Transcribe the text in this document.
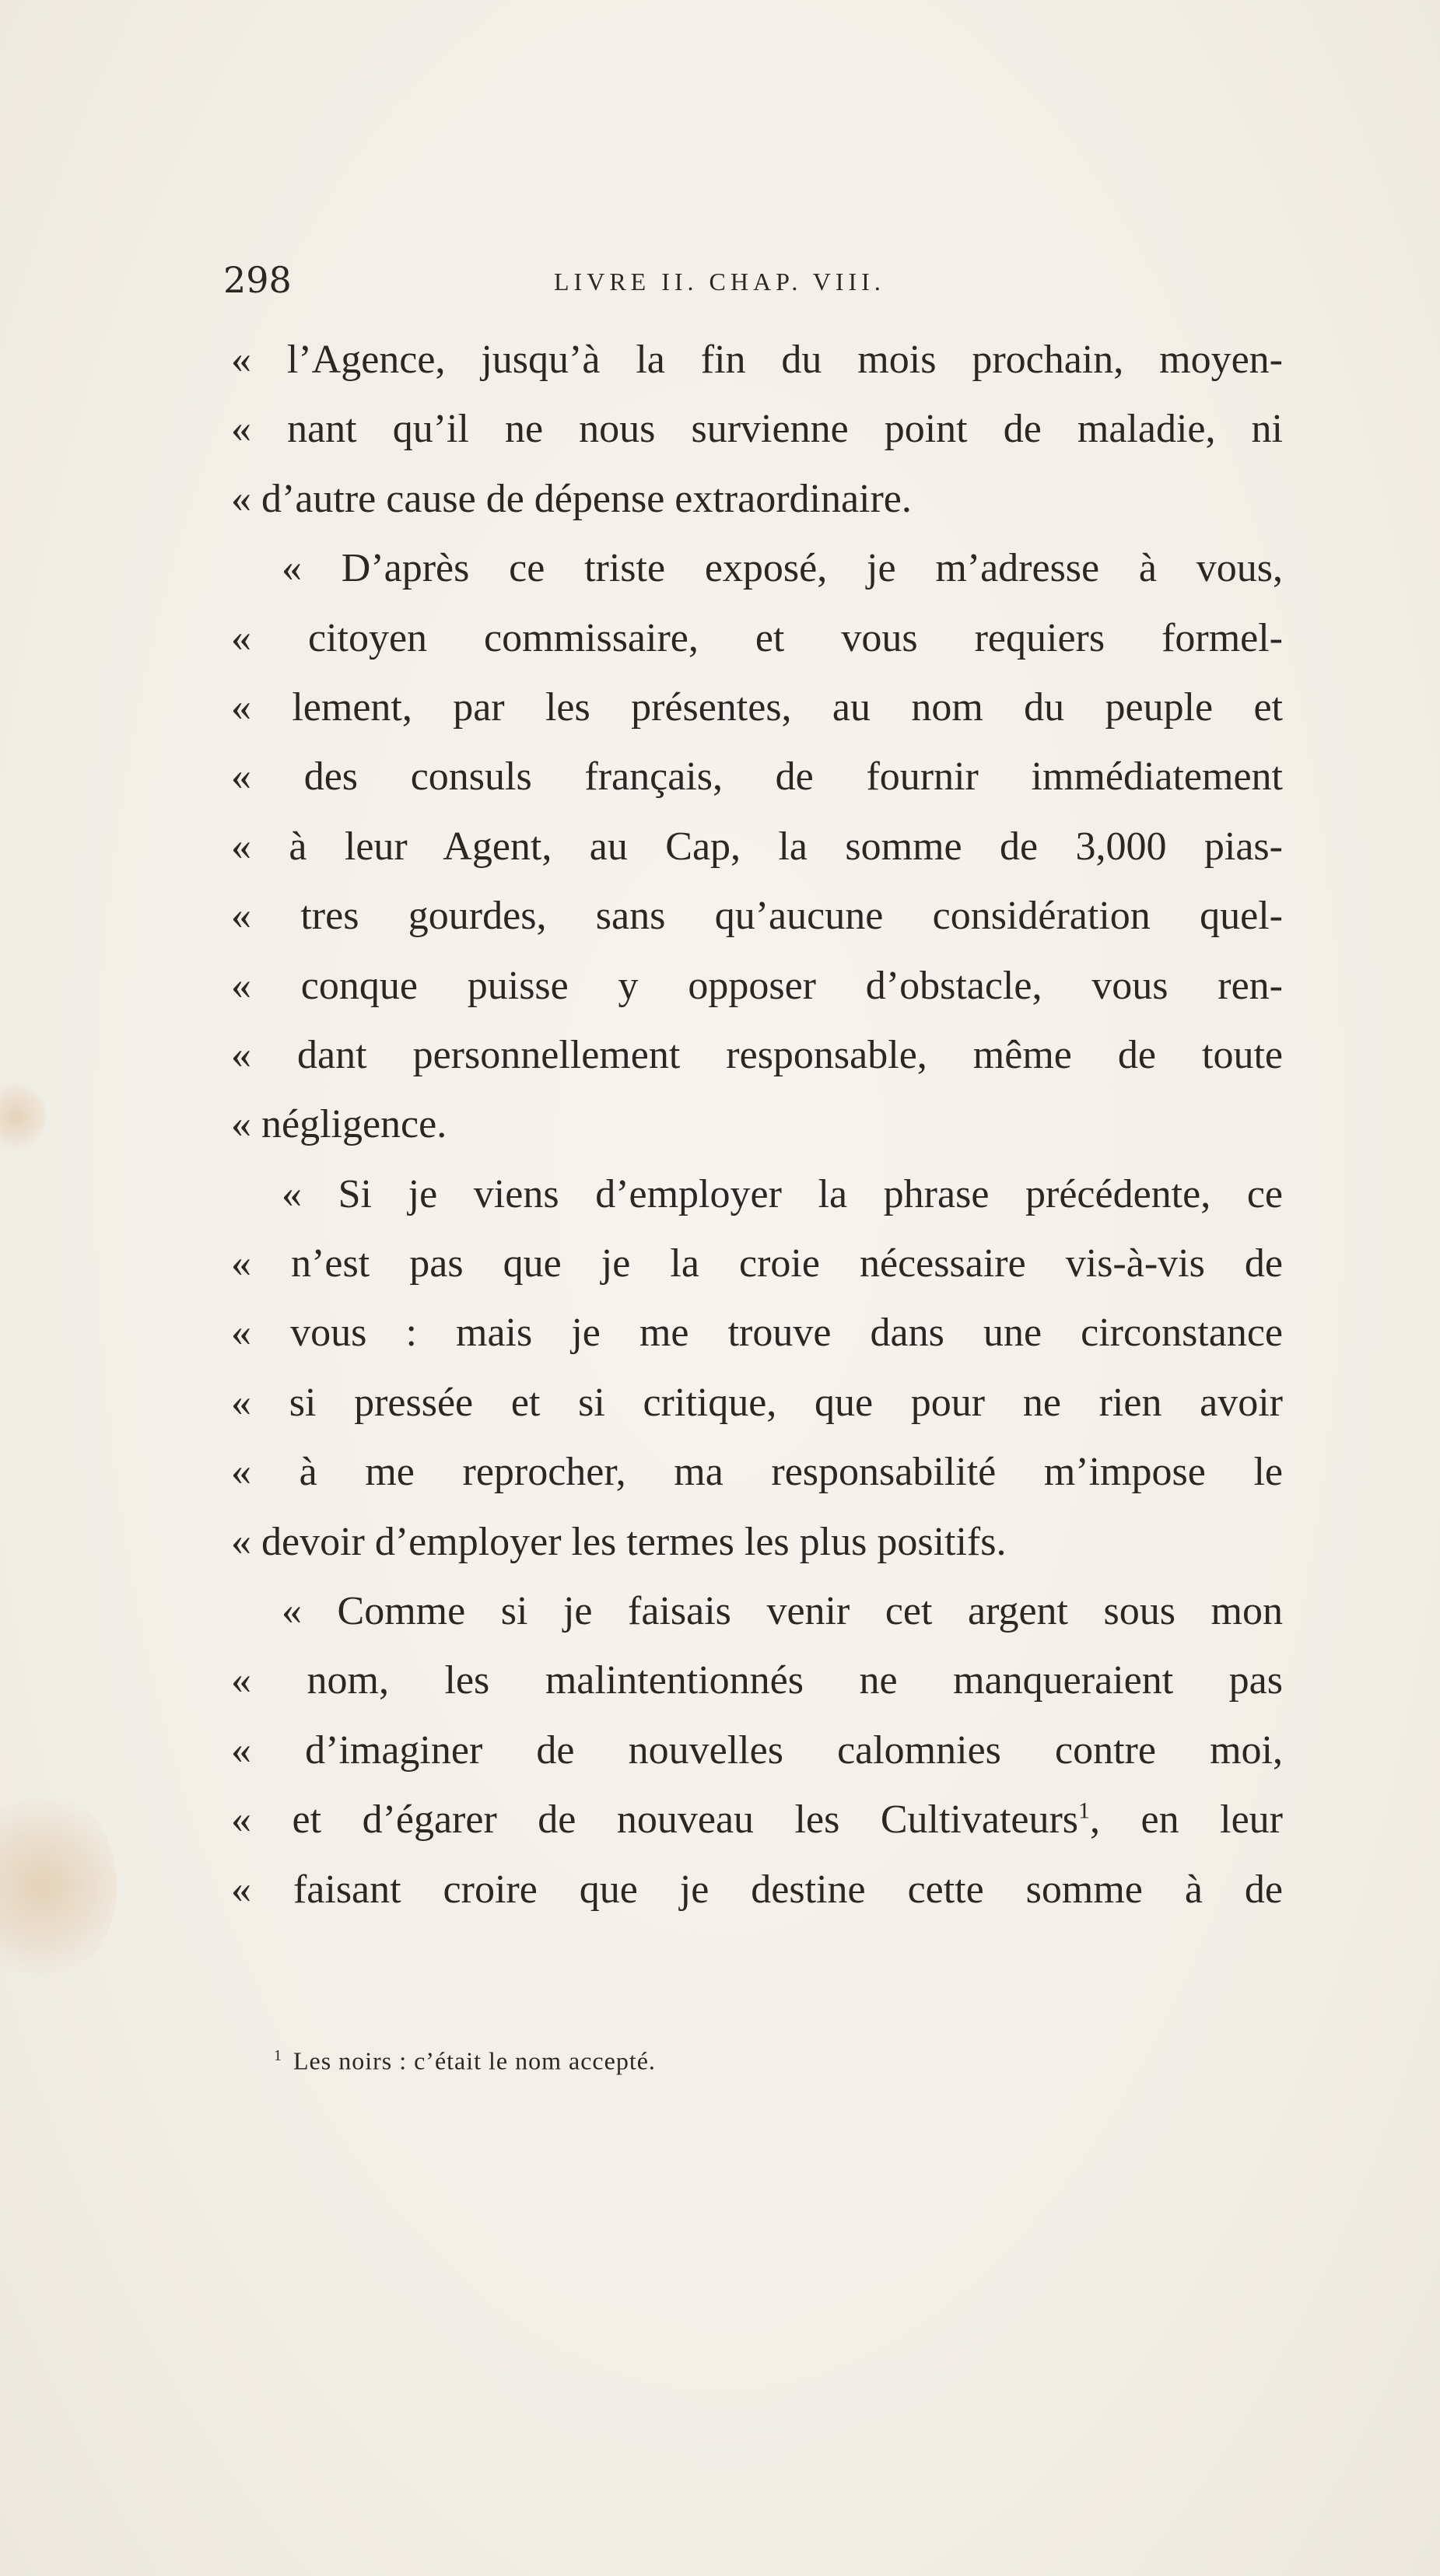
298	LIVRE II. CHAP. VIII.
« l’Agence, jusqu’à la fin du mois prochain, moyen-
« nant qu’il ne nous survienne point de maladie, ni
« d’autre cause de dépense extraordinaire.
« D’après ce triste exposé, je m’adresse à vous,
« citoyen commissaire, et vous requiers formel-
« lement, par les présentes, au nom du peuple et
« des consuls français, de fournir immédiatement
« à leur Agent, au Cap, la somme de 3,000 pias-
« tres gourdes, sans qu’aucune considération quel-
« conque puisse y opposer d’obstacle, vous ren-
« dant personnellement responsable, même de toute
« négligence.
« Si je viens d’employer la phrase précédente, ce
« n’est pas que je la croie nécessaire vis-à-vis de
« vous : mais je me trouve dans une circonstance
« si pressée et si critique, que pour ne rien avoir
« à me reprocher, ma responsabilité m’impose le
« devoir d’employer les termes les plus positifs.
« Comme si je faisais venir cet argent sous mon
« nom, les malintentionnés ne manqueraient pas
« d’imaginer de nouvelles calomnies contre moi,
« et d’égarer de nouveau les Cultivateurs$^1$, en leur
« faisant croire que je destine cette somme à de
$^1$ Les noirs : c’était le nom accepté.
